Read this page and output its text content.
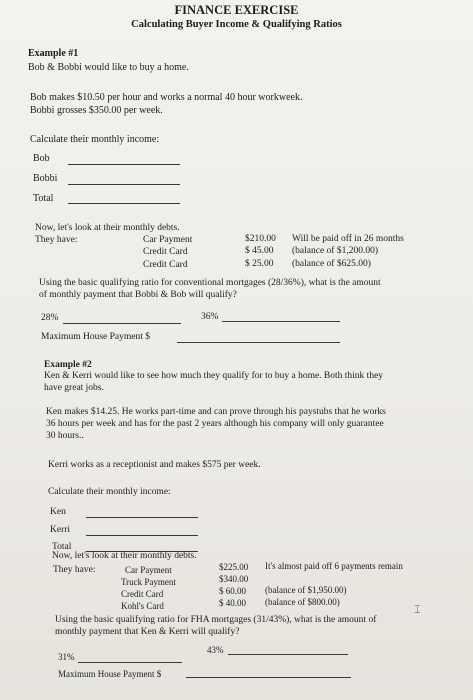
FINANCE EXERCISE
Calculating Buyer Income & Qualifying Ratios
Example #1
Bob & Bobbi would like to buy a home.
Bob makes $10.50 per hour and works a normal 40 hour workweek.
Bobbi grosses $350.00 per week.
Calculate their monthly income:
Bob
Bobbi
Total
Now, let's look at their monthly debts.
They have:	Car Payment	$210.00 Will be paid off in 26 months
Credit Card	$ 45.00 (balance of $1,200.00)
Credit Card	$ 25.00 (balance of $625.00)
Using the basic qualifying ratio for conventional mortgages (28/36%), what is the amount
of monthly payment that Bobbi & Bob will qualify?
28%	36%
Maximum House Payment $
Example #2
Ken & Kerri would like to see how much they qualify for to buy a home. Both think they
have great jobs.
Ken makes $14.25. He works part-time and can prove through his paystubs that he works
36 hours per week and has for the past 2 years although his company will only guarantee
30 hours..
Kerri works as a receptionist and makes $575 per week.
Calculate their monthly income:
Ken
Kerri
Total
Now, let's look at their monthly debts.
They have:	Car Payment	$225.00 It's almost paid off 6 payments remain
Truck Payment	$340.00
Credit Card	$ 60.00 (balance of $1,950.00)
Kohl's Card	$ 40.00 (balance of $800.00)
Using the basic qualifying ratio for FHA mortgages (31/43%), what is the amount of
monthly payment that Ken & Kerri will qualify?
31%
43%
Maximum House Payment $
⌶
